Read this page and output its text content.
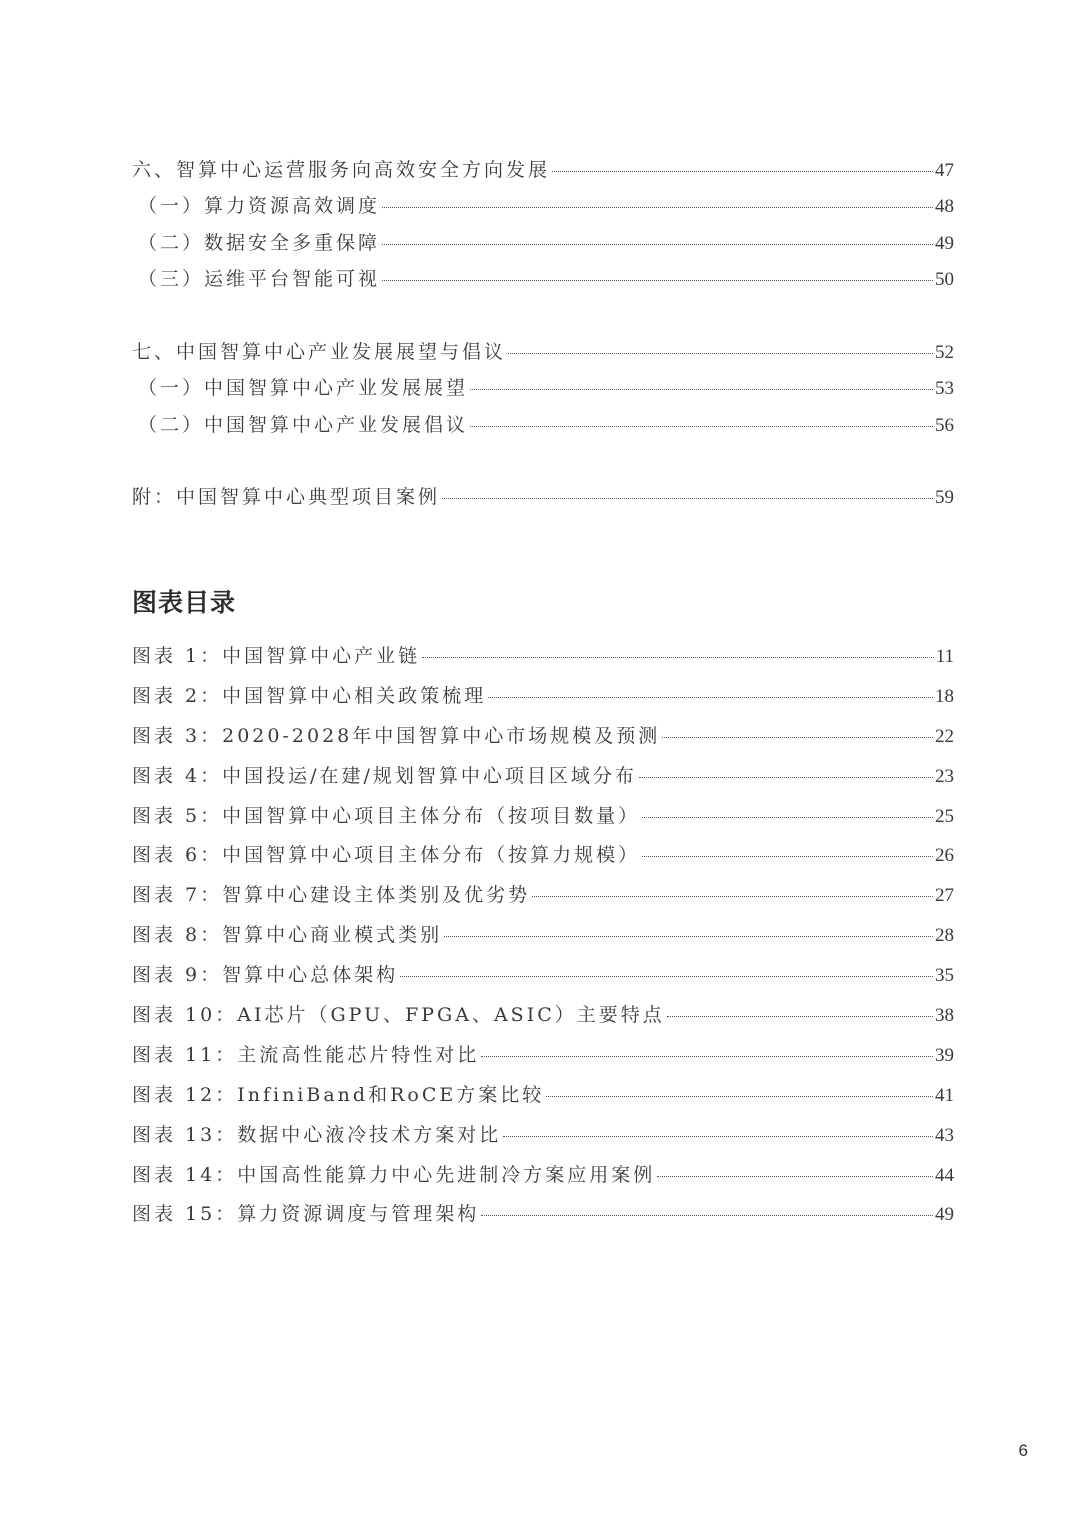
六、智算中心运营服务向高效安全方向发展	47
（一）算力资源高效调度	48
（二）数据安全多重保障	49
（三）运维平台智能可视	50
七、中国智算中心产业发展展望与倡议	52
（一）中国智算中心产业发展展望	53
（二）中国智算中心产业发展倡议	56
附：中国智算中心典型项目案例	59
图表目录
图表 1：中国智算中心产业链	11
图表 2：中国智算中心相关政策梳理	18
图表 3：2020-2028年中国智算中心市场规模及预测	22
图表 4：中国投运/在建/规划智算中心项目区域分布	23
图表 5：中国智算中心项目主体分布（按项目数量）	25
图表 6：中国智算中心项目主体分布（按算力规模）	26
图表 7：智算中心建设主体类别及优劣势	27
图表 8：智算中心商业模式类别	28
图表 9：智算中心总体架构	35
图表 10：AI芯片（GPU、FPGA、ASIC）主要特点	38
图表 11：主流高性能芯片特性对比	39
图表 12：InfiniBand和RoCE方案比较	41
图表 13：数据中心液冷技术方案对比	43
图表 14：中国高性能算力中心先进制冷方案应用案例	44
图表 15：算力资源调度与管理架构	49
6
